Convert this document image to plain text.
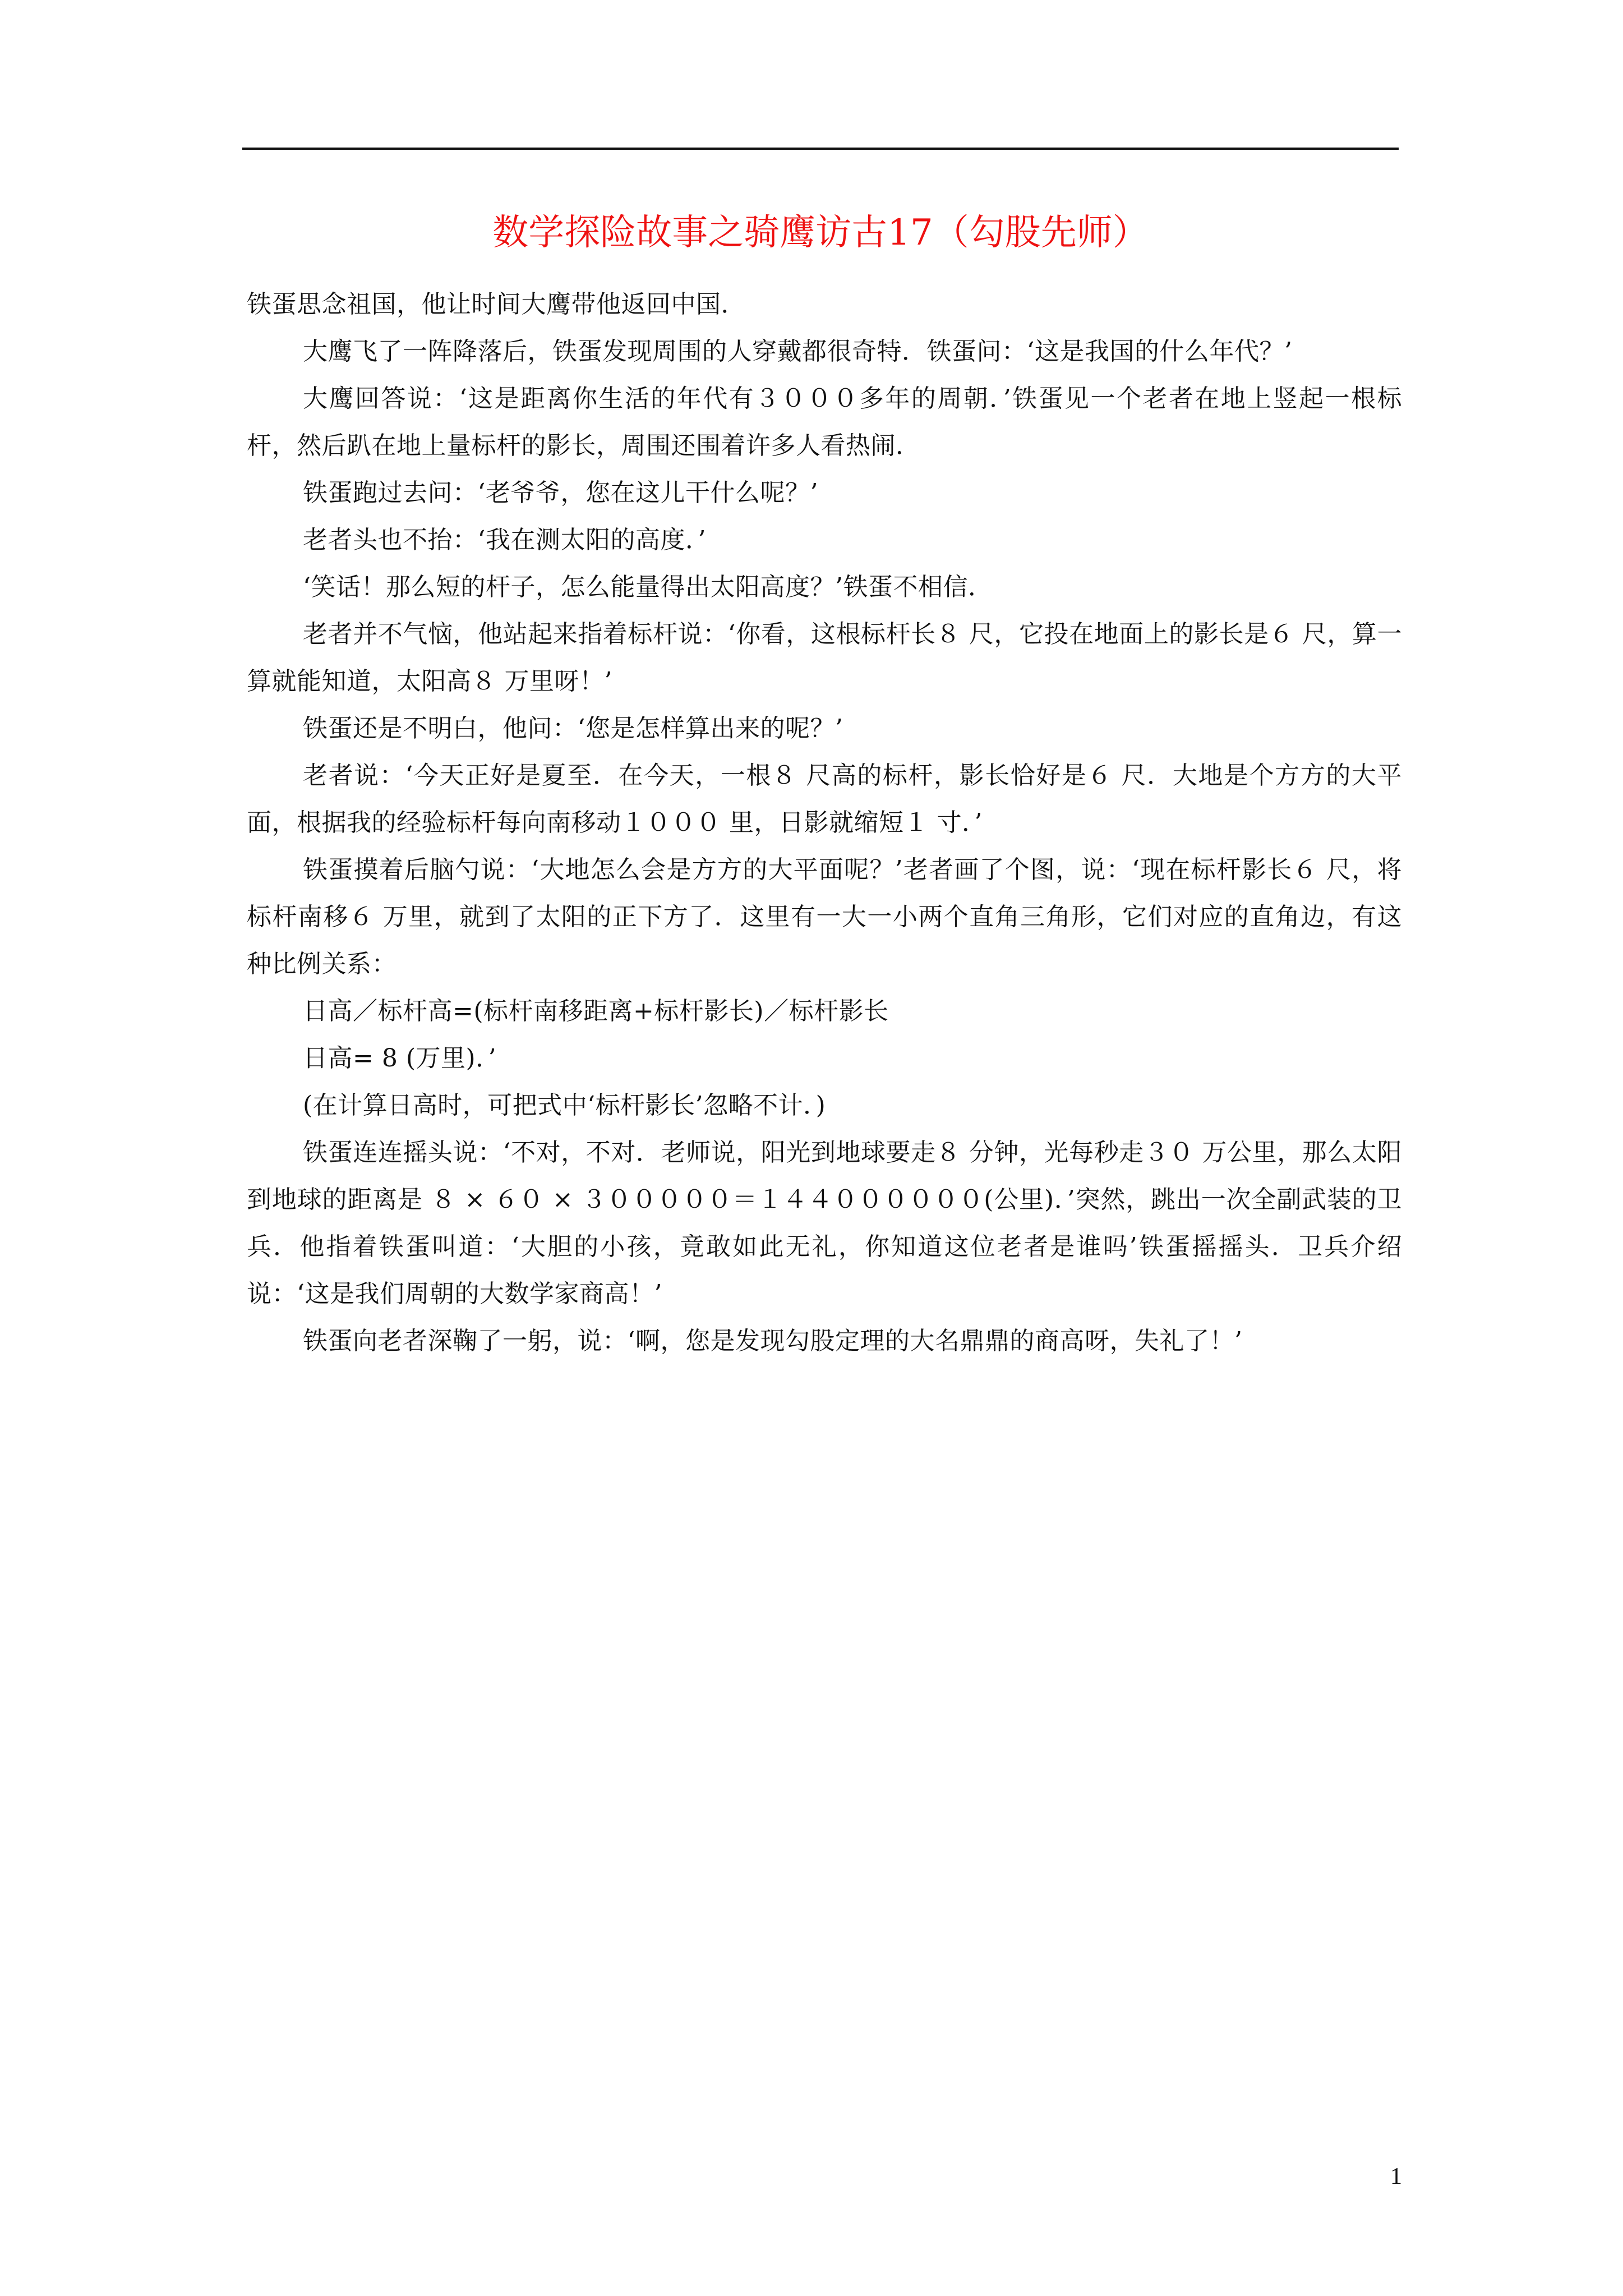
数学探险故事之骑鹰访古17（勾股先师）

铁蛋思念祖国，他让时间大鹰带他返回中国．

大鹰飞了一阵降落后，铁蛋发现周围的人穿戴都很奇特．铁蛋问：‘这是我国的什么年代？’

大鹰回答说：‘这是距离你生活的年代有３０００多年的周朝．’铁蛋见一个老者在地上竖起一根标杆，然后趴在地上量标杆的影长，周围还围着许多人看热闹．

铁蛋跑过去问：‘老爷爷，您在这儿干什么呢？’

老者头也不抬：‘我在测太阳的高度．’

‘笑话！那么短的杆子，怎么能量得出太阳高度？’铁蛋不相信．

老者并不气恼，他站起来指着标杆说：‘你看，这根标杆长８ 尺，它投在地面上的影长是６ 尺，算一算就能知道，太阳高８ 万里呀！’

铁蛋还是不明白，他问：‘您是怎样算出来的呢？’

老者说：‘今天正好是夏至．在今天，一根８ 尺高的标杆，影长恰好是６ 尺．大地是个方方的大平面，根据我的经验标杆每向南移动１０００ 里，日影就缩短１ 寸．’

铁蛋摸着后脑勺说：‘大地怎么会是方方的大平面呢？’老者画了个图，说：‘现在标杆影长６ 尺，将标杆南移６ 万里，就到了太阳的正下方了．这里有一大一小两个直角三角形，它们对应的直角边，有这种比例关系：

日高／标杆高=(标杆南移距离+标杆影长)／标杆影长

日高= 8 (万里)．’

(在计算日高时，可把式中‘标杆影长’忽略不计．)

铁蛋连连摇头说：‘不对，不对．老师说，阳光到地球要走８ 分钟，光每秒走３０ 万公里，那么太阳到地球的距离是 ８ × ６０ × ３０００００＝１４４００００００(公里)．’突然，跳出一次全副武装的卫兵．他指着铁蛋叫道：‘大胆的小孩，竟敢如此无礼，你知道这位老者是谁吗’铁蛋摇摇头．卫兵介绍说：‘这是我们周朝的大数学家商高！’

铁蛋向老者深鞠了一躬，说：‘啊，您是发现勾股定理的大名鼎鼎的商高呀，失礼了！’

1
